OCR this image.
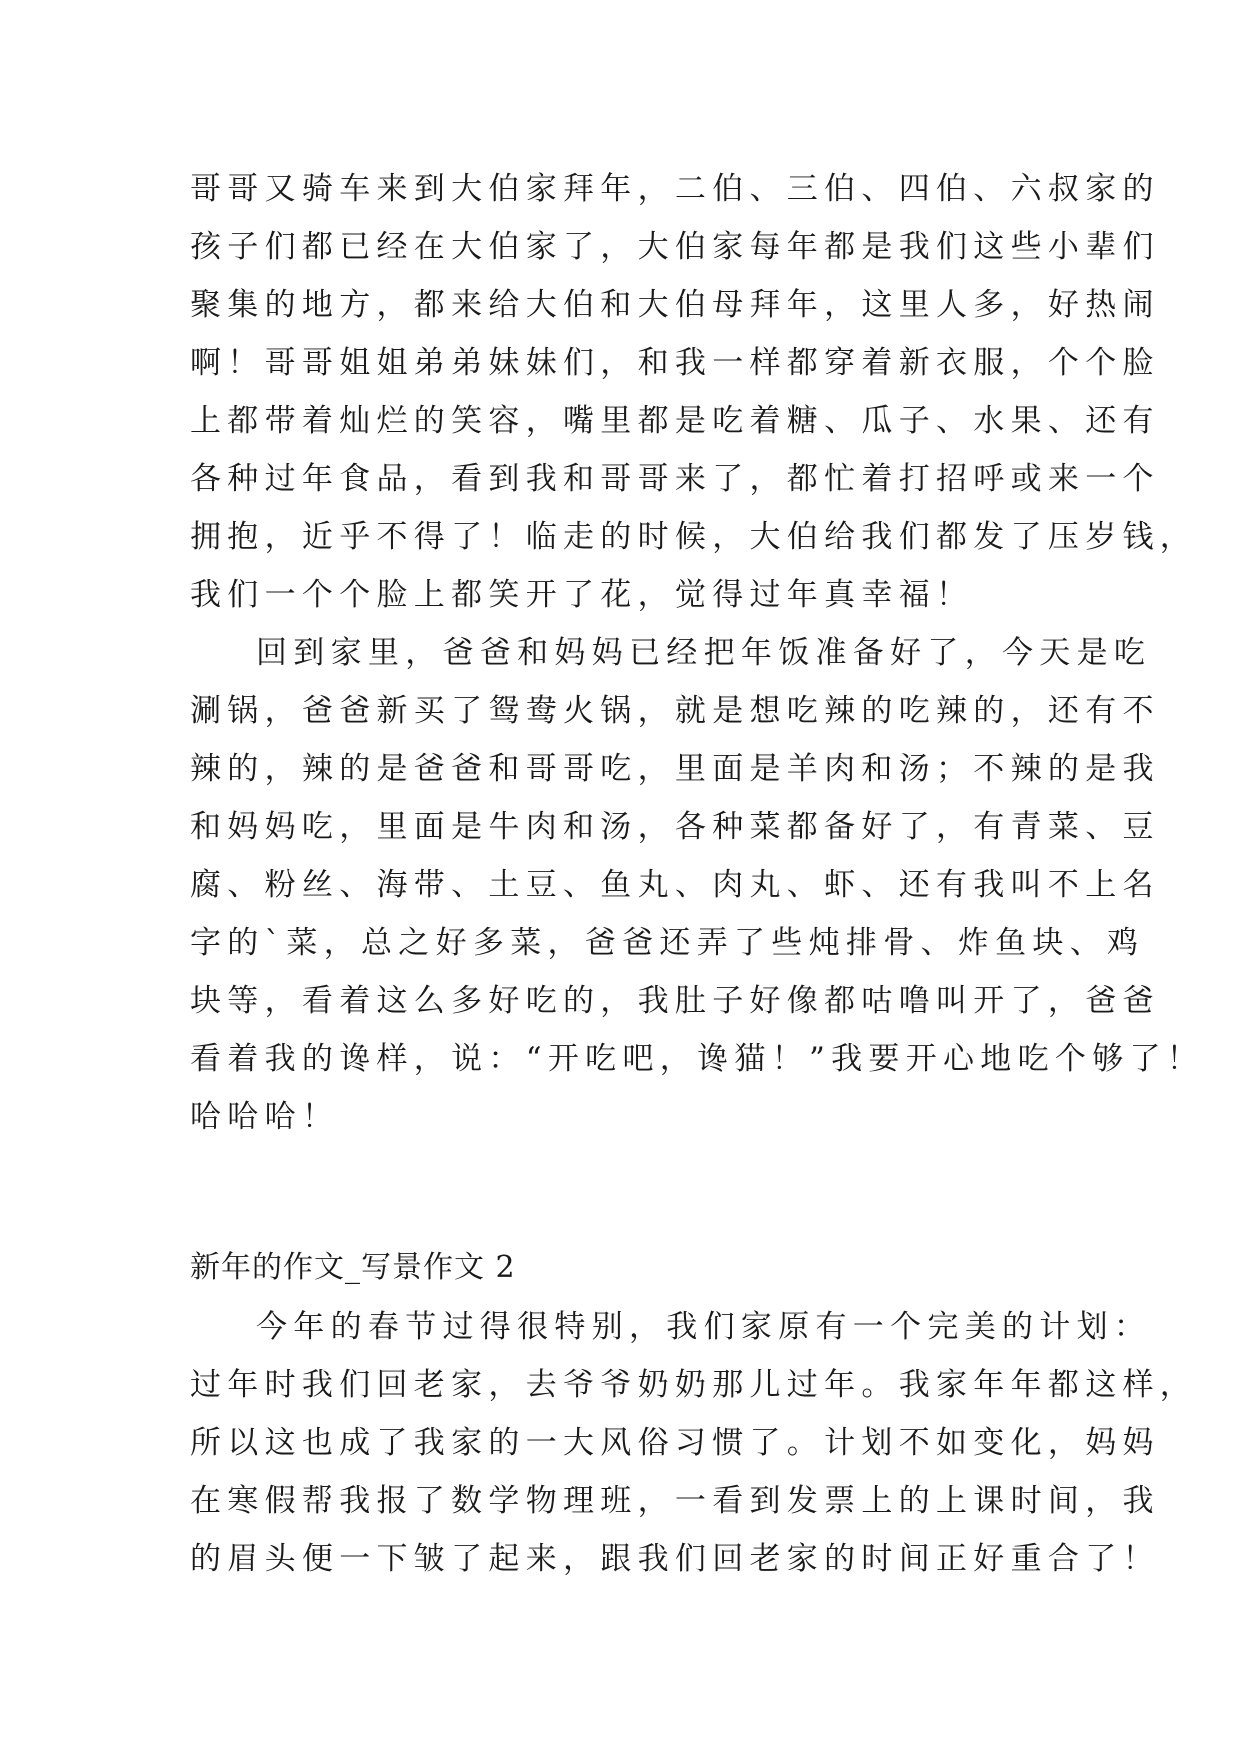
哥哥又骑车来到大伯家拜年，二伯、三伯、四伯、六叔家的
孩子们都已经在大伯家了，大伯家每年都是我们这些小辈们
聚集的地方，都来给大伯和大伯母拜年，这里人多，好热闹
啊！哥哥姐姐弟弟妹妹们，和我一样都穿着新衣服，个个脸
上都带着灿烂的笑容，嘴里都是吃着糖、瓜子、水果、还有
各种过年食品，看到我和哥哥来了，都忙着打招呼或来一个
拥抱，近乎不得了！临走的时候，大伯给我们都发了压岁钱，
我们一个个脸上都笑开了花，觉得过年真幸福！
回到家里，爸爸和妈妈已经把年饭准备好了，今天是吃
涮锅，爸爸新买了鸳鸯火锅，就是想吃辣的吃辣的，还有不
辣的，辣的是爸爸和哥哥吃，里面是羊肉和汤；不辣的是我
和妈妈吃，里面是牛肉和汤，各种菜都备好了，有青菜、豆
腐、粉丝、海带、土豆、鱼丸、肉丸、虾、还有我叫不上名
字的`菜，总之好多菜，爸爸还弄了些炖排骨、炸鱼块、鸡
块等，看着这么多好吃的，我肚子好像都咕噜叫开了，爸爸
看着我的谗样，说：“开吃吧，谗猫！”我要开心地吃个够了！
哈哈哈！
新年的作文_写景作文 2
今年的春节过得很特别，我们家原有一个完美的计划：
过年时我们回老家，去爷爷奶奶那儿过年。我家年年都这样，
所以这也成了我家的一大风俗习惯了。计划不如变化，妈妈
在寒假帮我报了数学物理班，一看到发票上的上课时间，我
的眉头便一下皱了起来，跟我们回老家的时间正好重合了！
